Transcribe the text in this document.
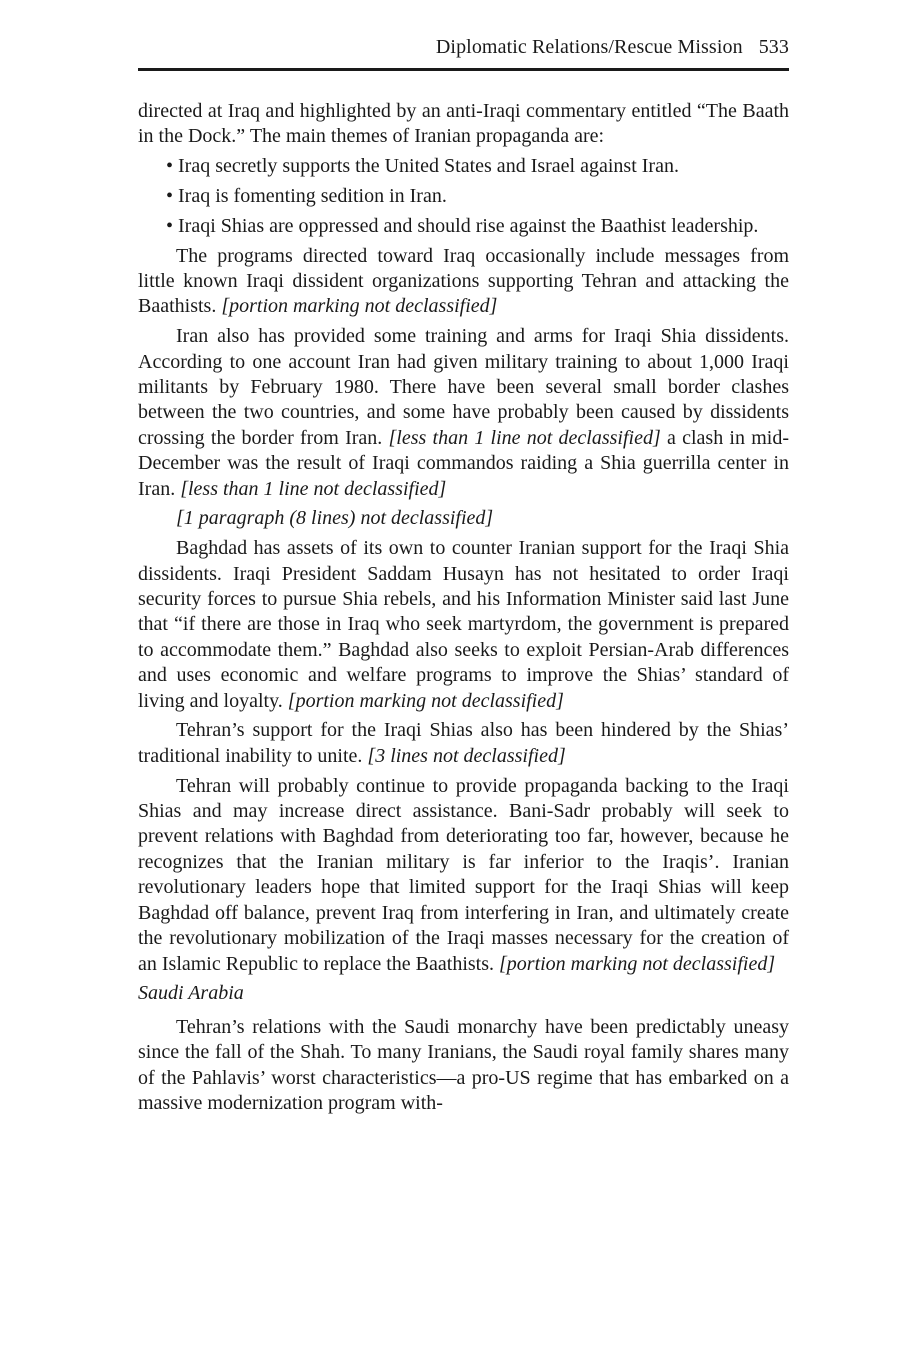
Diplomatic Relations/Rescue Mission 533

directed at Iraq and highlighted by an anti-Iraqi commentary entitled “The Baath in the Dock.” The main themes of Iranian propaganda are:

• Iraq secretly supports the United States and Israel against Iran.

• Iraq is fomenting sedition in Iran.

• Iraqi Shias are oppressed and should rise against the Baathist leadership.

The programs directed toward Iraq occasionally include messages from little known Iraqi dissident organizations supporting Tehran and attacking the Baathists. [portion marking not declassified]

Iran also has provided some training and arms for Iraqi Shia dissidents. According to one account Iran had given military training to about 1,000 Iraqi militants by February 1980. There have been several small border clashes between the two countries, and some have probably been caused by dissidents crossing the border from Iran. [less than 1 line not declassified] a clash in mid-December was the result of Iraqi commandos raiding a Shia guerrilla center in Iran. [less than 1 line not declassified]

[1 paragraph (8 lines) not declassified]

Baghdad has assets of its own to counter Iranian support for the Iraqi Shia dissidents. Iraqi President Saddam Husayn has not hesitated to order Iraqi security forces to pursue Shia rebels, and his Information Minister said last June that “if there are those in Iraq who seek martyrdom, the government is prepared to accommodate them.” Baghdad also seeks to exploit Persian-Arab differences and uses economic and welfare programs to improve the Shias’ standard of living and loyalty. [portion marking not declassified]

Tehran’s support for the Iraqi Shias also has been hindered by the Shias’ traditional inability to unite. [3 lines not declassified]

Tehran will probably continue to provide propaganda backing to the Iraqi Shias and may increase direct assistance. Bani-Sadr probably will seek to prevent relations with Baghdad from deteriorating too far, however, because he recognizes that the Iranian military is far inferior to the Iraqis’. Iranian revolutionary leaders hope that limited support for the Iraqi Shias will keep Baghdad off balance, prevent Iraq from interfering in Iran, and ultimately create the revolutionary mobilization of the Iraqi masses necessary for the creation of an Islamic Republic to replace the Baathists. [portion marking not declassified]

Saudi Arabia

Tehran’s relations with the Saudi monarchy have been predictably uneasy since the fall of the Shah. To many Iranians, the Saudi royal family shares many of the Pahlavis’ worst characteristics—a pro-US regime that has embarked on a massive modernization program with-
